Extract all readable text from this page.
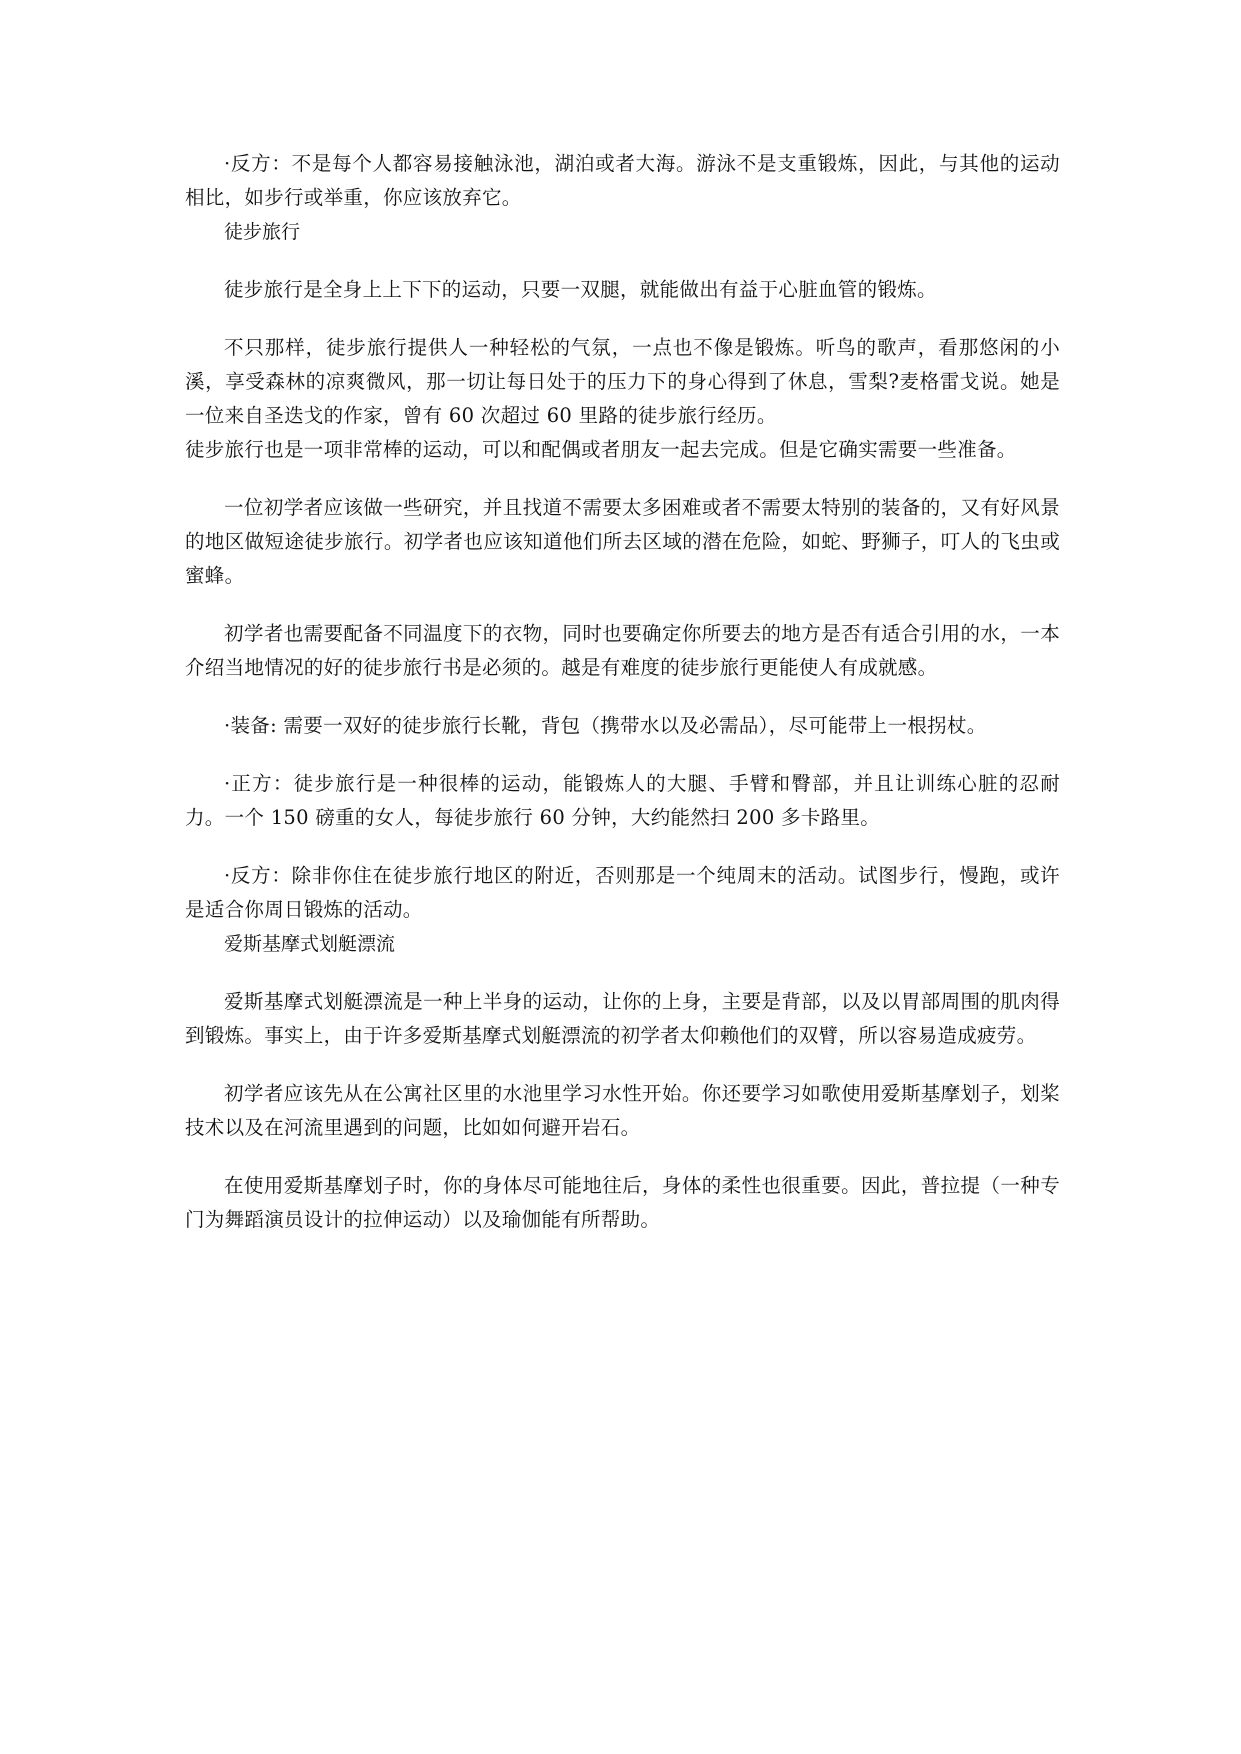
·反方：不是每个人都容易接触泳池，湖泊或者大海。游泳不是支重锻炼，因此，与其他的运动相比，如步行或举重，你应该放弃它。

徒步旅行

徒步旅行是全身上上下下的运动，只要一双腿，就能做出有益于心脏血管的锻炼。

不只那样，徒步旅行提供人一种轻松的气氛，一点也不像是锻炼。听鸟的歌声，看那悠闲的小溪，享受森林的凉爽微风，那一切让每日处于的压力下的身心得到了休息，雪梨?麦格雷戈说。她是一位来自圣迭戈的作家，曾有 60 次超过 60 里路的徒步旅行经历。

徒步旅行也是一项非常棒的运动，可以和配偶或者朋友一起去完成。但是它确实需要一些准备。

一位初学者应该做一些研究，并且找道不需要太多困难或者不需要太特别的装备的，又有好风景的地区做短途徒步旅行。初学者也应该知道他们所去区域的潜在危险，如蛇、野狮子，叮人的飞虫或蜜蜂。

初学者也需要配备不同温度下的衣物，同时也要确定你所要去的地方是否有适合引用的水，一本介绍当地情况的好的徒步旅行书是必须的。越是有难度的徒步旅行更能使人有成就感。

·装备: 需要一双好的徒步旅行长靴，背包（携带水以及必需品），尽可能带上一根拐杖。

·正方：徒步旅行是一种很棒的运动，能锻炼人的大腿、手臂和臀部，并且让训练心脏的忍耐力。一个 150 磅重的女人，每徒步旅行 60 分钟，大约能然扫 200 多卡路里。

·反方：除非你住在徒步旅行地区的附近，否则那是一个纯周末的活动。试图步行，慢跑，或许是适合你周日锻炼的活动。

爱斯基摩式划艇漂流

爱斯基摩式划艇漂流是一种上半身的运动，让你的上身，主要是背部，以及以胃部周围的肌肉得到锻炼。事实上，由于许多爱斯基摩式划艇漂流的初学者太仰赖他们的双臂，所以容易造成疲劳。

初学者应该先从在公寓社区里的水池里学习水性开始。你还要学习如歌使用爱斯基摩划子，划桨技术以及在河流里遇到的问题，比如如何避开岩石。

在使用爱斯基摩划子时，你的身体尽可能地往后，身体的柔性也很重要。因此，普拉提（一种专门为舞蹈演员设计的拉伸运动）以及瑜伽能有所帮助。
